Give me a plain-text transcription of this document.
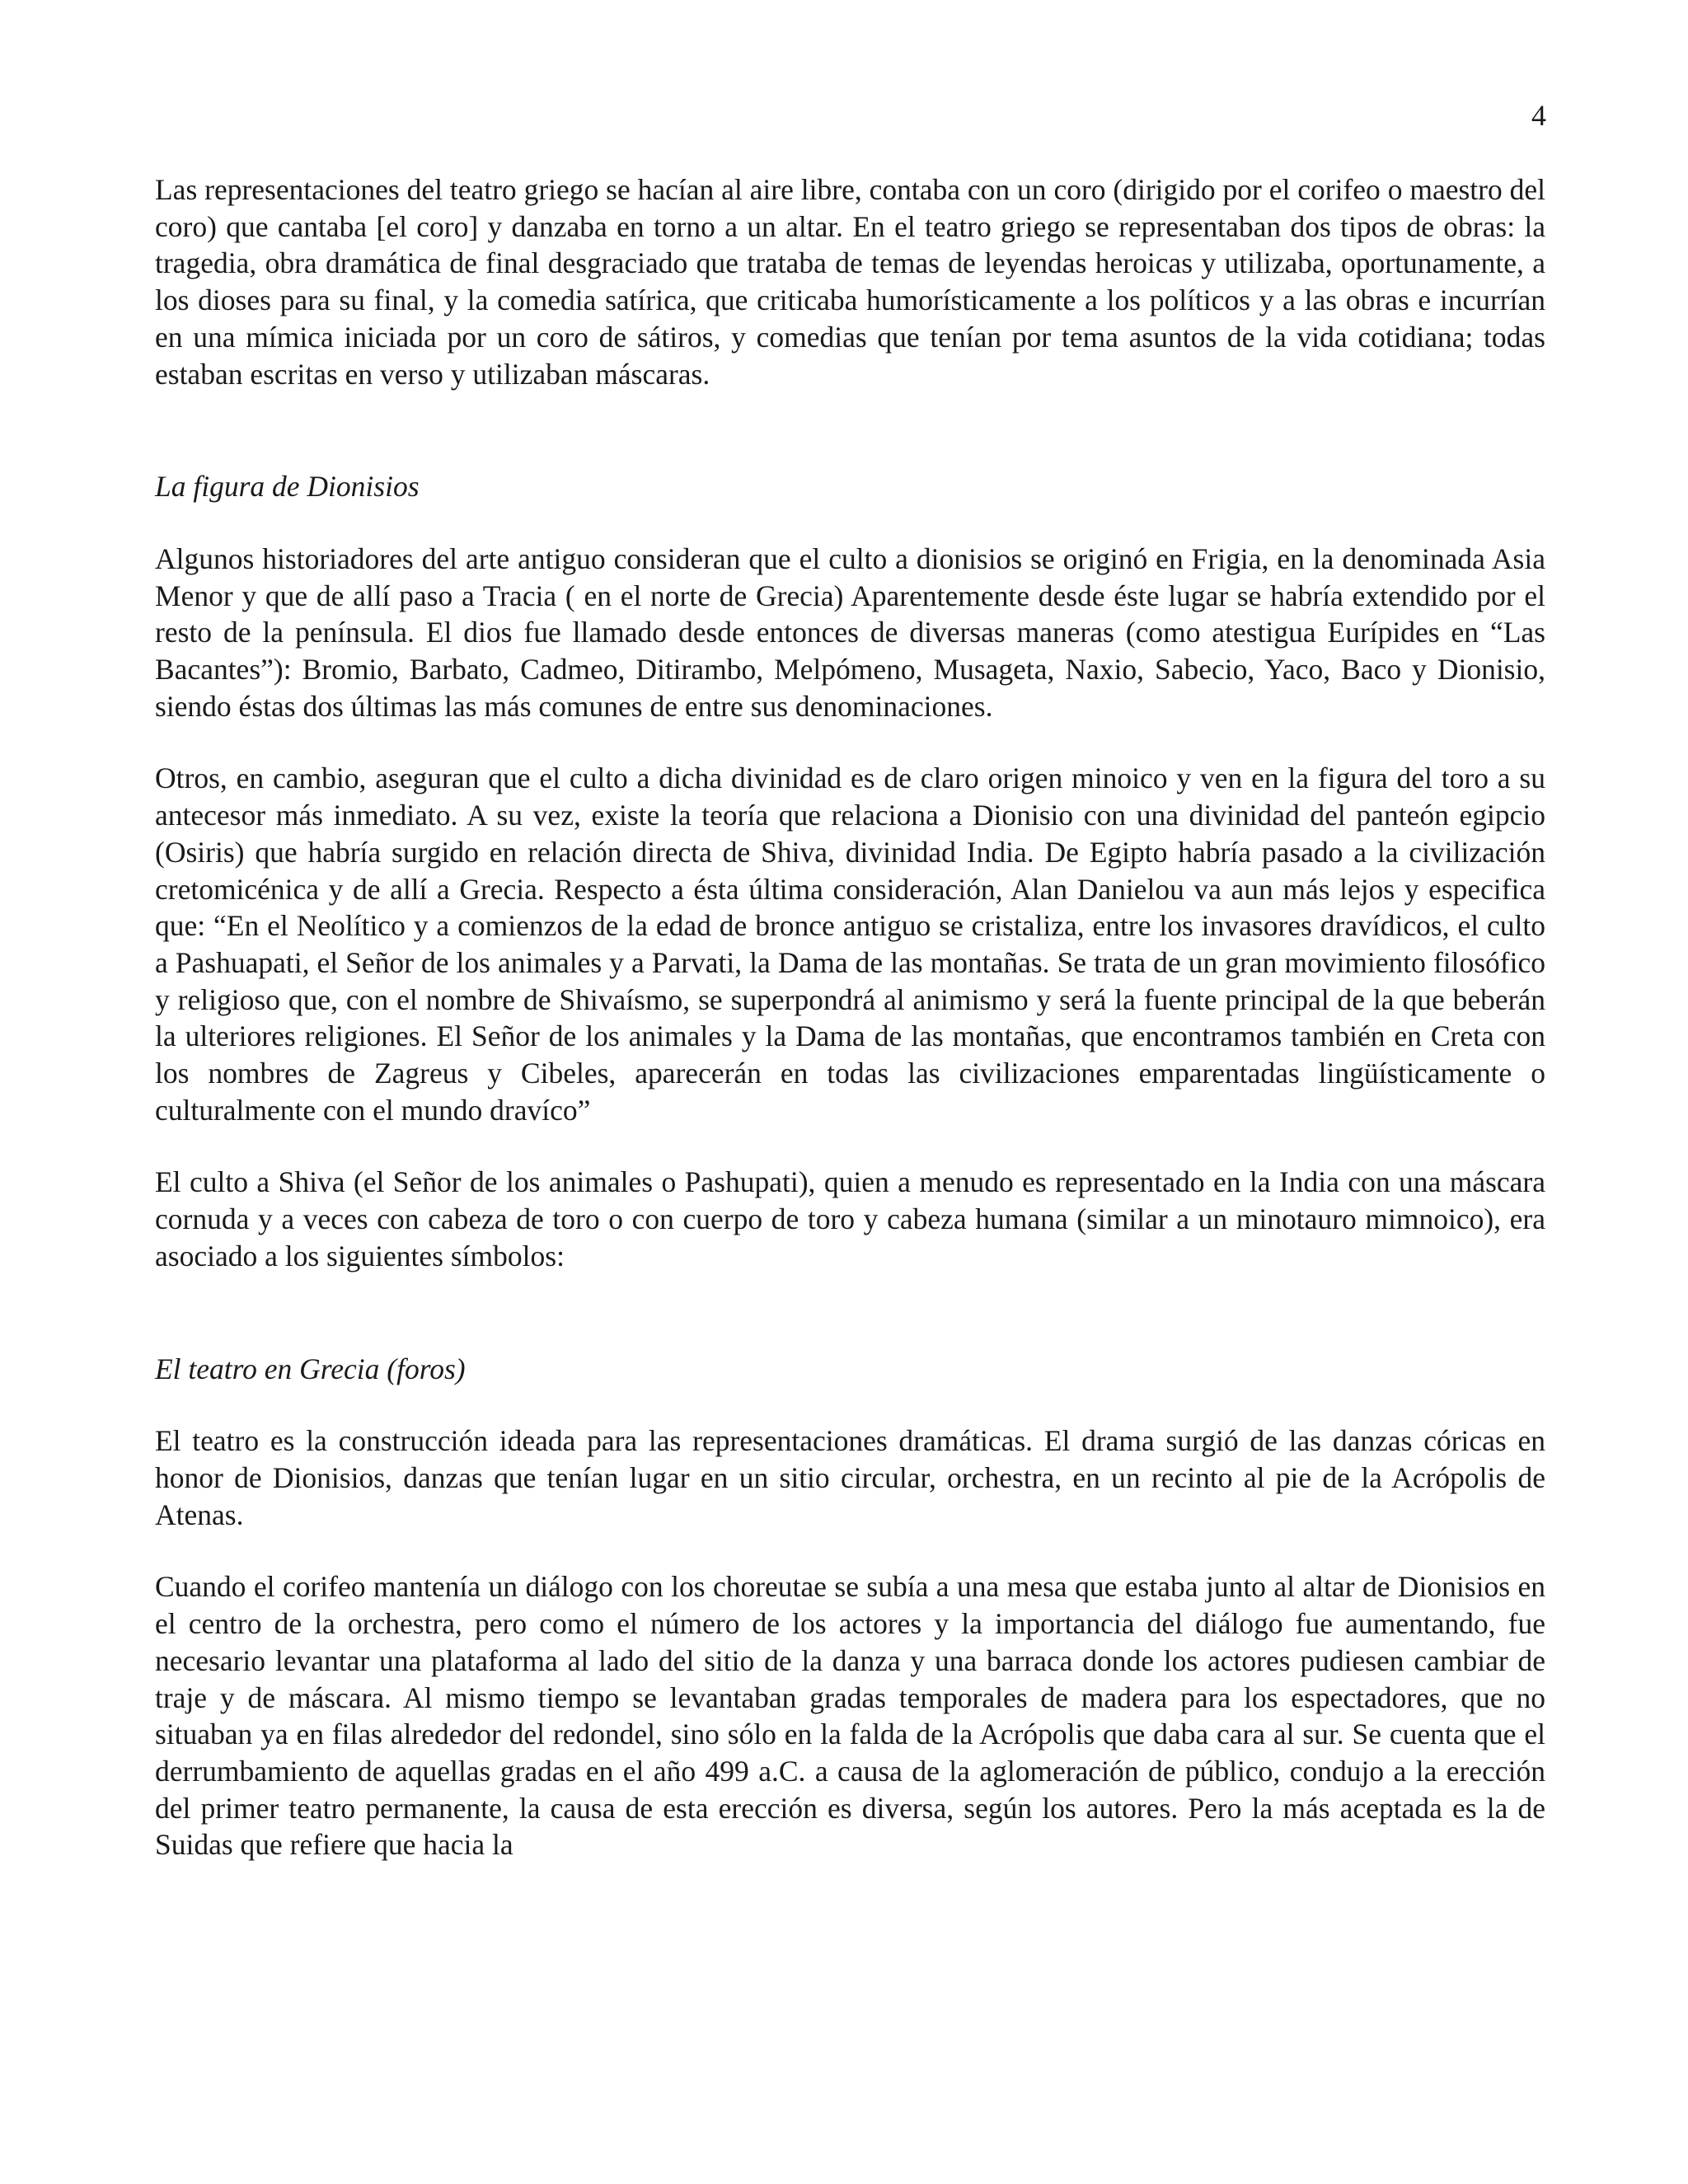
4

Las representaciones del teatro griego se hacían al aire libre, contaba con un coro (dirigido por el corifeo o maestro del coro) que cantaba [el coro] y danzaba en torno a un altar. En el teatro griego se representaban dos tipos de obras: la tragedia, obra dramática de final desgraciado que trataba de temas de leyendas heroicas y utilizaba, oportunamente, a los dioses para su final, y la comedia satírica, que criticaba humorísticamente a los políticos y a las obras e incurrían en una mímica iniciada por un coro de sátiros, y comedias que tenían por tema asuntos de la vida cotidiana; todas estaban escritas en verso y utilizaban máscaras.

La figura de Dionisios

Algunos historiadores del arte antiguo consideran que el culto a dionisios se originó en Frigia, en la denominada Asia Menor y que de allí paso a Tracia ( en el norte de Grecia) Aparentemente desde éste lugar se habría extendido por el resto de la península. El dios fue llamado desde entonces de diversas maneras (como atestigua Eurípides en “Las Bacantes”): Bromio, Barbato, Cadmeo, Ditirambo, Melpómeno, Musageta, Naxio, Sabecio, Yaco, Baco y Dionisio, siendo éstas dos últimas las más comunes de entre sus denominaciones.

Otros, en cambio, aseguran que el culto a dicha divinidad es de claro origen minoico y ven en la figura del toro a su antecesor más inmediato. A su vez, existe la teoría que relaciona a Dionisio con una divinidad del panteón egipcio (Osiris) que habría surgido en relación directa de Shiva, divinidad India. De Egipto habría pasado a la civilización cretomicénica y de allí a Grecia. Respecto a ésta última consideración, Alan Danielou va aun más lejos y especifica que: “En el Neolítico y a comienzos de la edad de bronce antiguo se cristaliza, entre los invasores dravídicos, el culto a Pashuapati, el Señor de los animales y a Parvati, la Dama de las montañas. Se trata de un gran movimiento filosófico y religioso que, con el nombre de Shivaísmo, se superpondrá al animismo y será la fuente principal de la que beberán la ulteriores religiones. El Señor de los animales y la Dama de las montañas, que encontramos también en Creta con los nombres de Zagreus y Cibeles, aparecerán en todas las civilizaciones emparentadas lingüísticamente o culturalmente con el mundo dravíco”

El culto a Shiva (el Señor de los animales o Pashupati), quien a menudo es representado en la India con una máscara cornuda y a veces con cabeza de toro o con cuerpo de toro y cabeza humana (similar a un minotauro mimnoico), era asociado a los siguientes símbolos:

El teatro en Grecia (foros)

El teatro es la construcción ideada para las representaciones dramáticas. El drama surgió de las danzas córicas en honor de Dionisios, danzas que tenían lugar en un sitio circular, orchestra, en un recinto al pie de la Acrópolis de Atenas.

Cuando el corifeo mantenía un diálogo con los choreutae se subía a una mesa que estaba junto al altar de Dionisios en el centro de la orchestra, pero como el número de los actores y la importancia del diálogo fue aumentando, fue necesario levantar una plataforma al lado del sitio de la danza y una barraca donde los actores pudiesen cambiar de traje y de máscara. Al mismo tiempo se levantaban gradas temporales de madera para los espectadores, que no situaban ya en filas alrededor del redondel, sino sólo en la falda de la Acrópolis que daba cara al sur. Se cuenta que el derrumbamiento de aquellas gradas en el año 499 a.C. a causa de la aglomeración de público, condujo a la erección del primer teatro permanente, la causa de esta erección es diversa, según los autores. Pero la más aceptada es la de Suidas que refiere que hacia la
